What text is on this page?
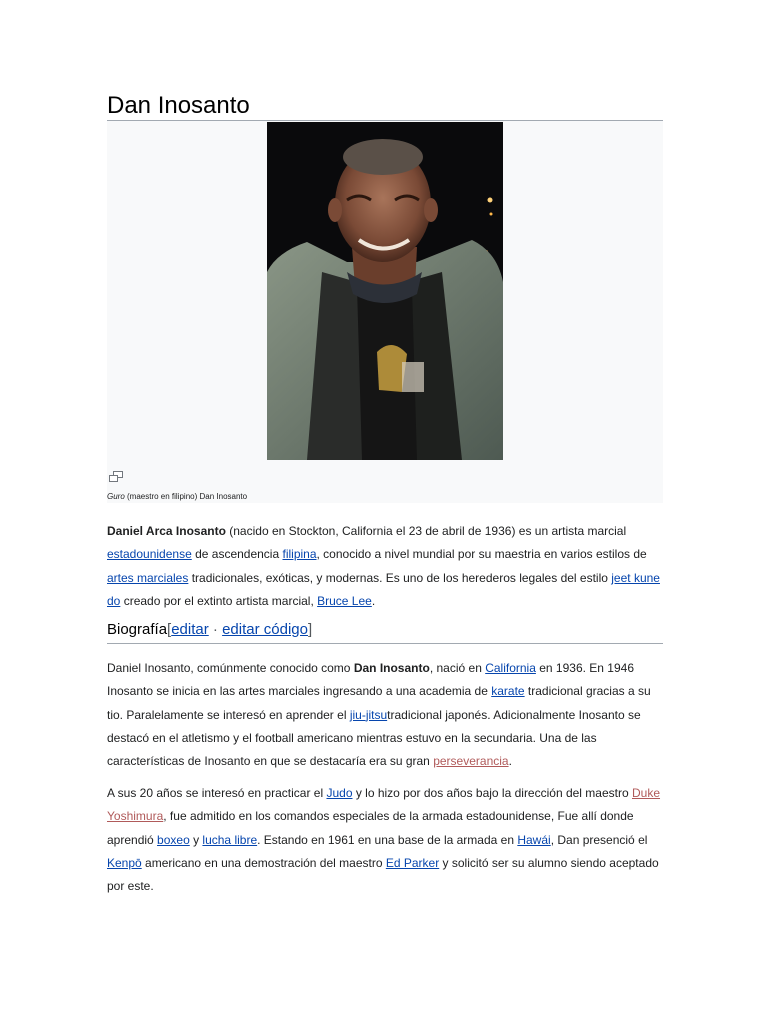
Dan Inosanto
Guro (maestro en filipino) Dan Inosanto

Daniel Arca Inosanto (nacido en Stockton, California el 23 de abril de 1936) es un artista marcial estadounidense de ascendencia filipina, conocido a nivel mundial por su maestria en varios estilos de artes marciales tradicionales, exóticas, y modernas. Es uno de los herederos legales del estilo jeet kune do creado por el extinto artista marcial, Bruce Lee.

Biografía[editar · editar código]

Daniel Inosanto, comúnmente conocido como Dan Inosanto, nació en California en 1936. En 1946 Inosanto se inicia en las artes marciales ingresando a una academia de karate tradicional gracias a su tio. Paralelamente se interesó en aprender el jiu-jitsutradicional japonés. Adicionalmente Inosanto se destacó en el atletismo y el football americano mientras estuvo en la secundaria. Una de las características de Inosanto en que se destacaría era su gran perseverancia.

A sus 20 años se interesó en practicar el Judo y lo hizo por dos años bajo la dirección del maestro Duke Yoshimura, fue admitido en los comandos especiales de la armada estadounidense, Fue allí donde aprendió boxeo y lucha libre. Estando en 1961 en una base de la armada en Hawái, Dan presenció el Kenpō americano en una demostración del maestro Ed Parker y solicitó ser su alumno siendo aceptado por este.
